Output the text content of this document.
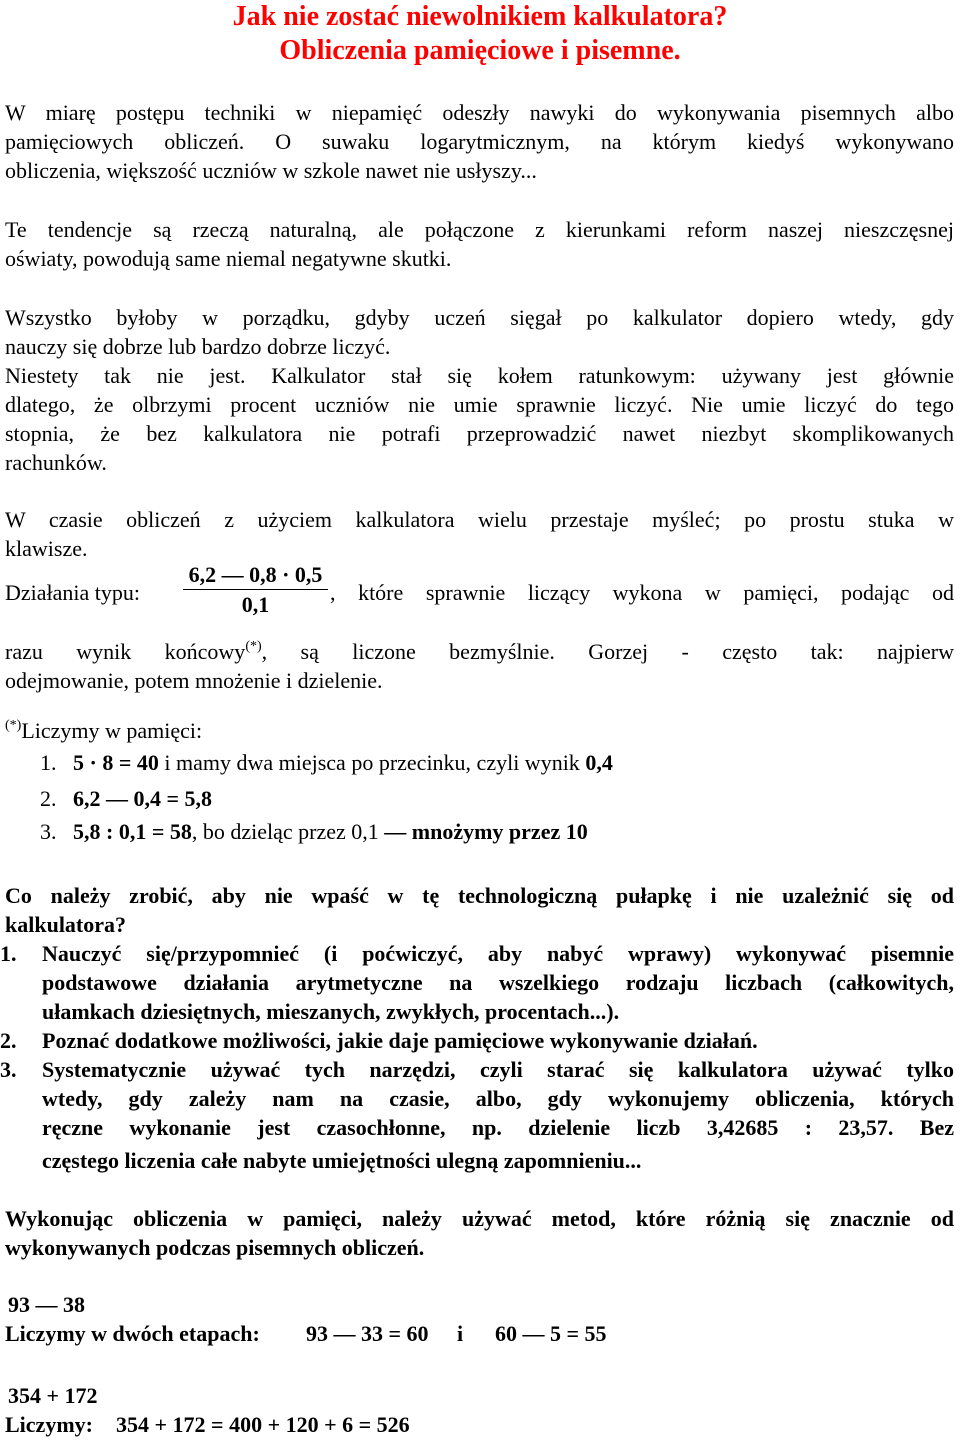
Jak nie zostać niewolnikiem kalkulatora?
Obliczenia pamięciowe i pisemne.
W miarę postępu techniki w niepamięć odeszły nawyki do wykonywania pisemnych albo
pamięciowych obliczeń. O suwaku logarytmicznym, na którym kiedyś wykonywano
obliczenia, większość uczniów w szkole nawet nie usłyszy...
Te tendencje są rzeczą naturalną, ale połączone z kierunkami reform naszej nieszczęsnej
oświaty, powodują same niemal negatywne skutki.
Wszystko byłoby w porządku, gdyby uczeń sięgał po kalkulator dopiero wtedy, gdy
nauczy się dobrze lub bardzo dobrze liczyć.
Niestety tak nie jest. Kalkulator stał się kołem ratunkowym: używany jest głównie
dlatego, że olbrzymi procent uczniów nie umie sprawnie liczyć. Nie umie liczyć do tego
stopnia, że bez kalkulatora nie potrafi przeprowadzić nawet niezbyt skomplikowanych
rachunków.
W czasie obliczeń z użyciem kalkulatora wielu przestaje myśleć; po prostu stuka w
klawisze.
Działania typu:
6,2 — 0,8 · 0,5
0,1	, które sprawnie liczący wykona w pamięci, podając od
razu wynik końcowy(*), są liczone bezmyślnie. Gorzej - często tak: najpierw
odejmowanie, potem mnożenie i dzielenie.
(*)Liczymy w pamięci:
1. 5 · 8 = 40 i mamy dwa miejsca po przecinku, czyli wynik 0,4
2. 6,2 — 0,4 = 5,8
3. 5,8 : 0,1 = 58, bo dzieląc przez 0,1 — mnożymy przez 10
Co należy zrobić, aby nie wpaść w tę technologiczną pułapkę i nie uzależnić się od
kalkulatora?
1. Nauczyć się/przypomnieć (i poćwiczyć, aby nabyć wprawy) wykonywać pisemnie
podstawowe działania arytmetyczne na wszelkiego rodzaju liczbach (całkowitych,
ułamkach dziesiętnych, mieszanych, zwykłych, procentach...).
2. Poznać dodatkowe możliwości, jakie daje pamięciowe wykonywanie działań.
3. Systematycznie używać tych narzędzi, czyli starać się kalkulatora używać tylko
wtedy, gdy zależy nam na czasie, albo, gdy wykonujemy obliczenia, których
ręczne wykonanie jest czasochłonne, np. dzielenie liczb 3,42685 : 23,57. Bez
częstego liczenia całe nabyte umiejętności ulegną zapomnieniu...
Wykonując obliczenia w pamięci, należy używać metod, które różnią się znacznie od
wykonywanych podczas pisemnych obliczeń.
93 — 38
Liczymy w dwóch etapach: 93 — 33 = 60 i 60 — 5 = 55
354 + 172
Liczymy: 354 + 172 = 400 + 120 + 6 = 526
